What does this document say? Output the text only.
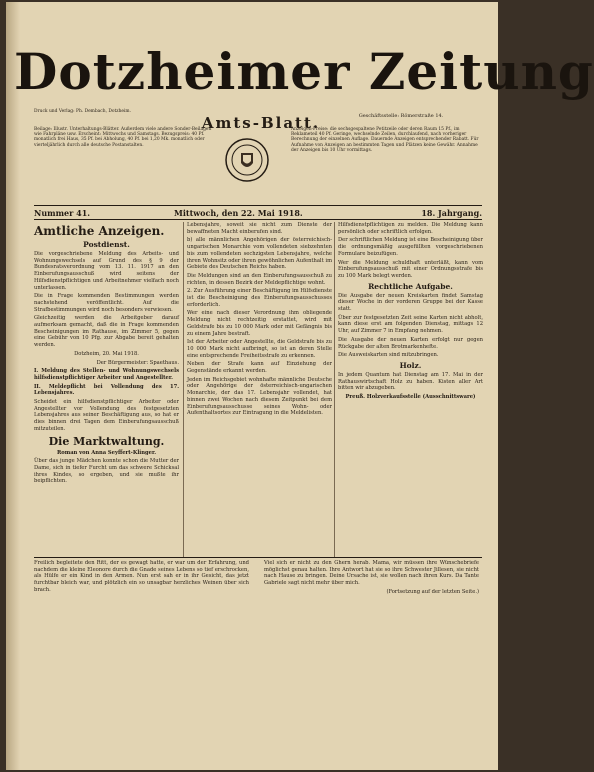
Druck und Verlag: Ph. Dembach, Dotzheim.
Dotzheimer Zeitung
Beilage: Illustr. Unterhaltungs-Blätter. Außerdem viele andere Sonder-Beilagen wie Fahrpläne usw. Erscheint: Mittwochs und Samstags. Bezugspreis: 40 Pf. monatlich frei Haus, 35 Pf. bei Abholung, 40 Pf. bei 1,20 Mk. monatlich oder vierteljährlich durch alle deutsche Postanstalten.
Amts-Blatt.	Geschäftsstelle: Römerstraße 14.
Anzeigen-Preise: die sechsgespaltene Petitzeile oder deren Raum 15 Pf., im Reklameteil 40 Pf. Geringe, wechselnde Zeilen, durchlaufend, nach vorheriger Berechnung der einzelnen Auflage. Dauernde Anzeigen entsprechender Rabatt. Für Aufnahme von Anzeigen an bestimmten Tagen und Plätzen keine Gewähr. Annahme der Anzeigen bis 10 Uhr vormittags.
Nummer 41.	Mittwoch, den 22. Mai 1918.	18. Jahrgang.
Amtliche Anzeigen.
Postdienst.

Die vorgeschriebene Meldung des Arbeits- und Wohnungswechsels auf Grund des § 9 der Bundesratsverordnung vom 13. 11. 1917 an den Einberufungsausschuß wird seitens der Hilfsdienstpflichtigen und Arbeitnehmer vielfach noch unterlassen.

Die in Frage kommenden Bestimmungen werden nachstehend veröffentlicht. Auf die Strafbestimmungen wird noch besonders verwiesen.

Gleichzeitig werden die Arbeitgeber darauf aufmerksam gemacht, daß die in Frage kommenden Bescheinigungen im Rathause, im Zimmer 5, gegen eine Gebühr von 10 Pfg. zur Abgabe bereit gehalten werden.

Dotzheim, 20. Mai 1918.

Der Bürgermeister: Spaethaus.

I. Meldung des Stellen- und Wohnungswechsels hilfsdienstpflichtiger Arbeiter und Angestellter.

II. Meldepflicht bei Vollendung des 17. Lebensjahres.

Scheidet ein hilfsdienstpflichtiger Arbeiter oder Angestellter vor Vollendung des festgesetzten Lebensjahres aus seiner Beschäftigung aus, so hat er dies binnen drei Tagen dem Einberufungsausschuß mitzuteilen.

Die Marktwaltung.

Roman von Anna Seyffert-Klinger.

Über das junge Mädchen konnte schon die Mutter der Dame, sich in tiefer Furcht um das schwere Schicksal ihres Kindes, so ergeben, und sie mußte ihr beipflichten.

Lebensjahre, soweit sie nicht zum Dienste der bewaffneten Macht einberufen sind.

b) alle männlichen Angehörigen der österreichisch-ungarischen Monarchie vom vollendeten siebzehnten bis zum vollendeten sechzigsten Lebensjahre, welche ihren Wohnsitz oder ihren gewöhnlichen Aufenthalt im Gebiete des Deutschen Reichs haben.

Die Meldungen sind an den Einberufungsausschuß zu richten, in dessen Bezirk der Meldepflichtige wohnt.

2. Zur Ausführung einer Beschäftigung im Hilfsdienste ist die Bescheinigung des Einberufungsausschusses erforderlich.

Wer eine nach dieser Verordnung ihm obliegende Meldung nicht rechtzeitig erstattet, wird mit Geldstrafe bis zu 10 000 Mark oder mit Gefängnis bis zu einem Jahre bestraft.

Ist der Arbeiter oder Angestellte, die Geldstrafe bis zu 10 000 Mark nicht aufbringt, so ist an deren Stelle eine entsprechende Freiheitsstrafe zu erkennen.

Neben der Strafe kann auf Einziehung der Gegenstände erkannt werden.

Jeden im Reichsgebiet wohnhafte männliche Deutsche oder Angehörige der österreichisch-ungarischen Monarchie, der das 17. Lebensjahr vollendet, hat binnen zwei Wochen nach diesem Zeitpunkt bei dem Einberufungsausschusse seines Wohn- oder Aufenthaltsortes zur Eintragung in die Meldelisten.

Hilfsdienstpflichtigen zu melden. Die Meldung kann persönlich oder schriftlich erfolgen.

Der schriftlichen Meldung ist eine Bescheinigung über die ordnungsmäßig ausgefüllten vorgeschriebenen Formulare beizufügen.

Wer die Meldung schuldhaft unterläßt, kann vom Einberufungsausschuß mit einer Ordnungsstrafe bis zu 100 Mark belegt werden.

Rechtliche Aufgabe.

Die Ausgabe der neuen Kreiskarten findet Samstag dieser Woche in der vorderen Gruppe bei der Kasse statt.

Über zur festgesetzten Zeit seine Karten nicht abholt, kann diese erst am folgenden Dienstag, mittags 12 Uhr, auf Zimmer 7 in Empfang nehmen.

Die Ausgabe der neuen Karten erfolgt nur gegen Rückgabe der alten Brotmarkenhefte.

Die Ausweiskarten sind mitzubringen.

Holz.

In jedem Quantum hat Dienstag am 17. Mai in der Rathauswirtschaft Holz zu haben. Kisten aller Art bitten wir abzugeben.

Preuß. Holzverkaufsstelle (Ausschnittsware)

Freilich begleitete den Ritt, der es gewagt hatte, er war um der Erfahrung, und nachdem die kleine Eleonore durch die Gnade seines Lebens so tief erschrocken, als Hülfe er ein Kind in den Armen. Nun erst sah er in ihr Gesicht, das jetzt furchtbar bleich war, und plötzlich ein so unsagbar herzliches Weinen über sich brach.

Viel sich er nicht zu den Ghern herab. Mama, wir müssen ihre Wünschebriefe möglichst genau halten. Ihre Antwort hat sie so ihre Schwester Jillesen, sie nicht nach Hause zu bringen. Deine Ursache ist, sie wollen nach ihren Kurs. Da Tante Gabriele sagt nicht mehr über mich.

(Fortsetzung auf der letzten Seite.)
